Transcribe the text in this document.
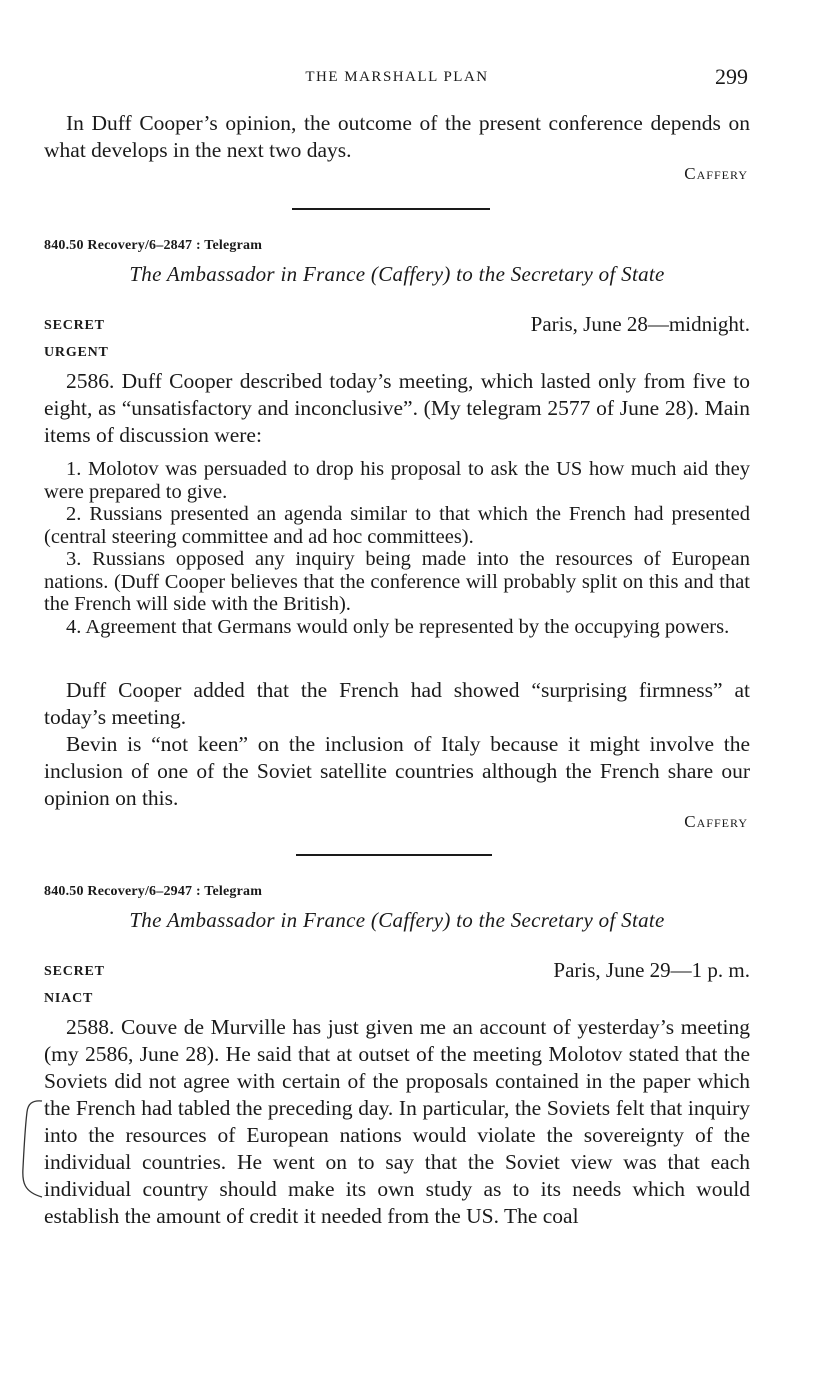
THE MARSHALL PLAN	299

In Duff Cooper’s opinion, the outcome of the present conference depends on what develops in the next two days.

Caffery
840.50 Recovery/6–2847 : Telegram
The Ambassador in France (Caffery) to the Secretary of State
SECRET	Paris, June 28—midnight.
URGENT

2586. Duff Cooper described today’s meeting, which lasted only from five to eight, as “unsatisfactory and inconclusive”. (My telegram 2577 of June 28). Main items of discussion were:

1. Molotov was persuaded to drop his proposal to ask the US how much aid they were prepared to give.

2. Russians presented an agenda similar to that which the French had presented (central steering committee and ad hoc committees).

3. Russians opposed any inquiry being made into the resources of European nations. (Duff Cooper believes that the conference will probably split on this and that the French will side with the British).

4. Agreement that Germans would only be represented by the occupying powers.

Duff Cooper added that the French had showed “surprising firmness” at today’s meeting.

Bevin is “not keen” on the inclusion of Italy because it might involve the inclusion of one of the Soviet satellite countries although the French share our opinion on this.

Caffery
840.50 Recovery/6–2947 : Telegram
The Ambassador in France (Caffery) to the Secretary of State
SECRET	Paris, June 29—1 p. m.
NIACT

2588. Couve de Murville has just given me an account of yesterday’s meeting (my 2586, June 28). He said that at outset of the meeting Molotov stated that the Soviets did not agree with certain of the proposals contained in the paper which the French had tabled the preceding day. In particular, the Soviets felt that inquiry into the resources of European nations would violate the sovereignty of the individual countries. He went on to say that the Soviet view was that each individual country should make its own study as to its needs which would establish the amount of credit it needed from the US. The coal
